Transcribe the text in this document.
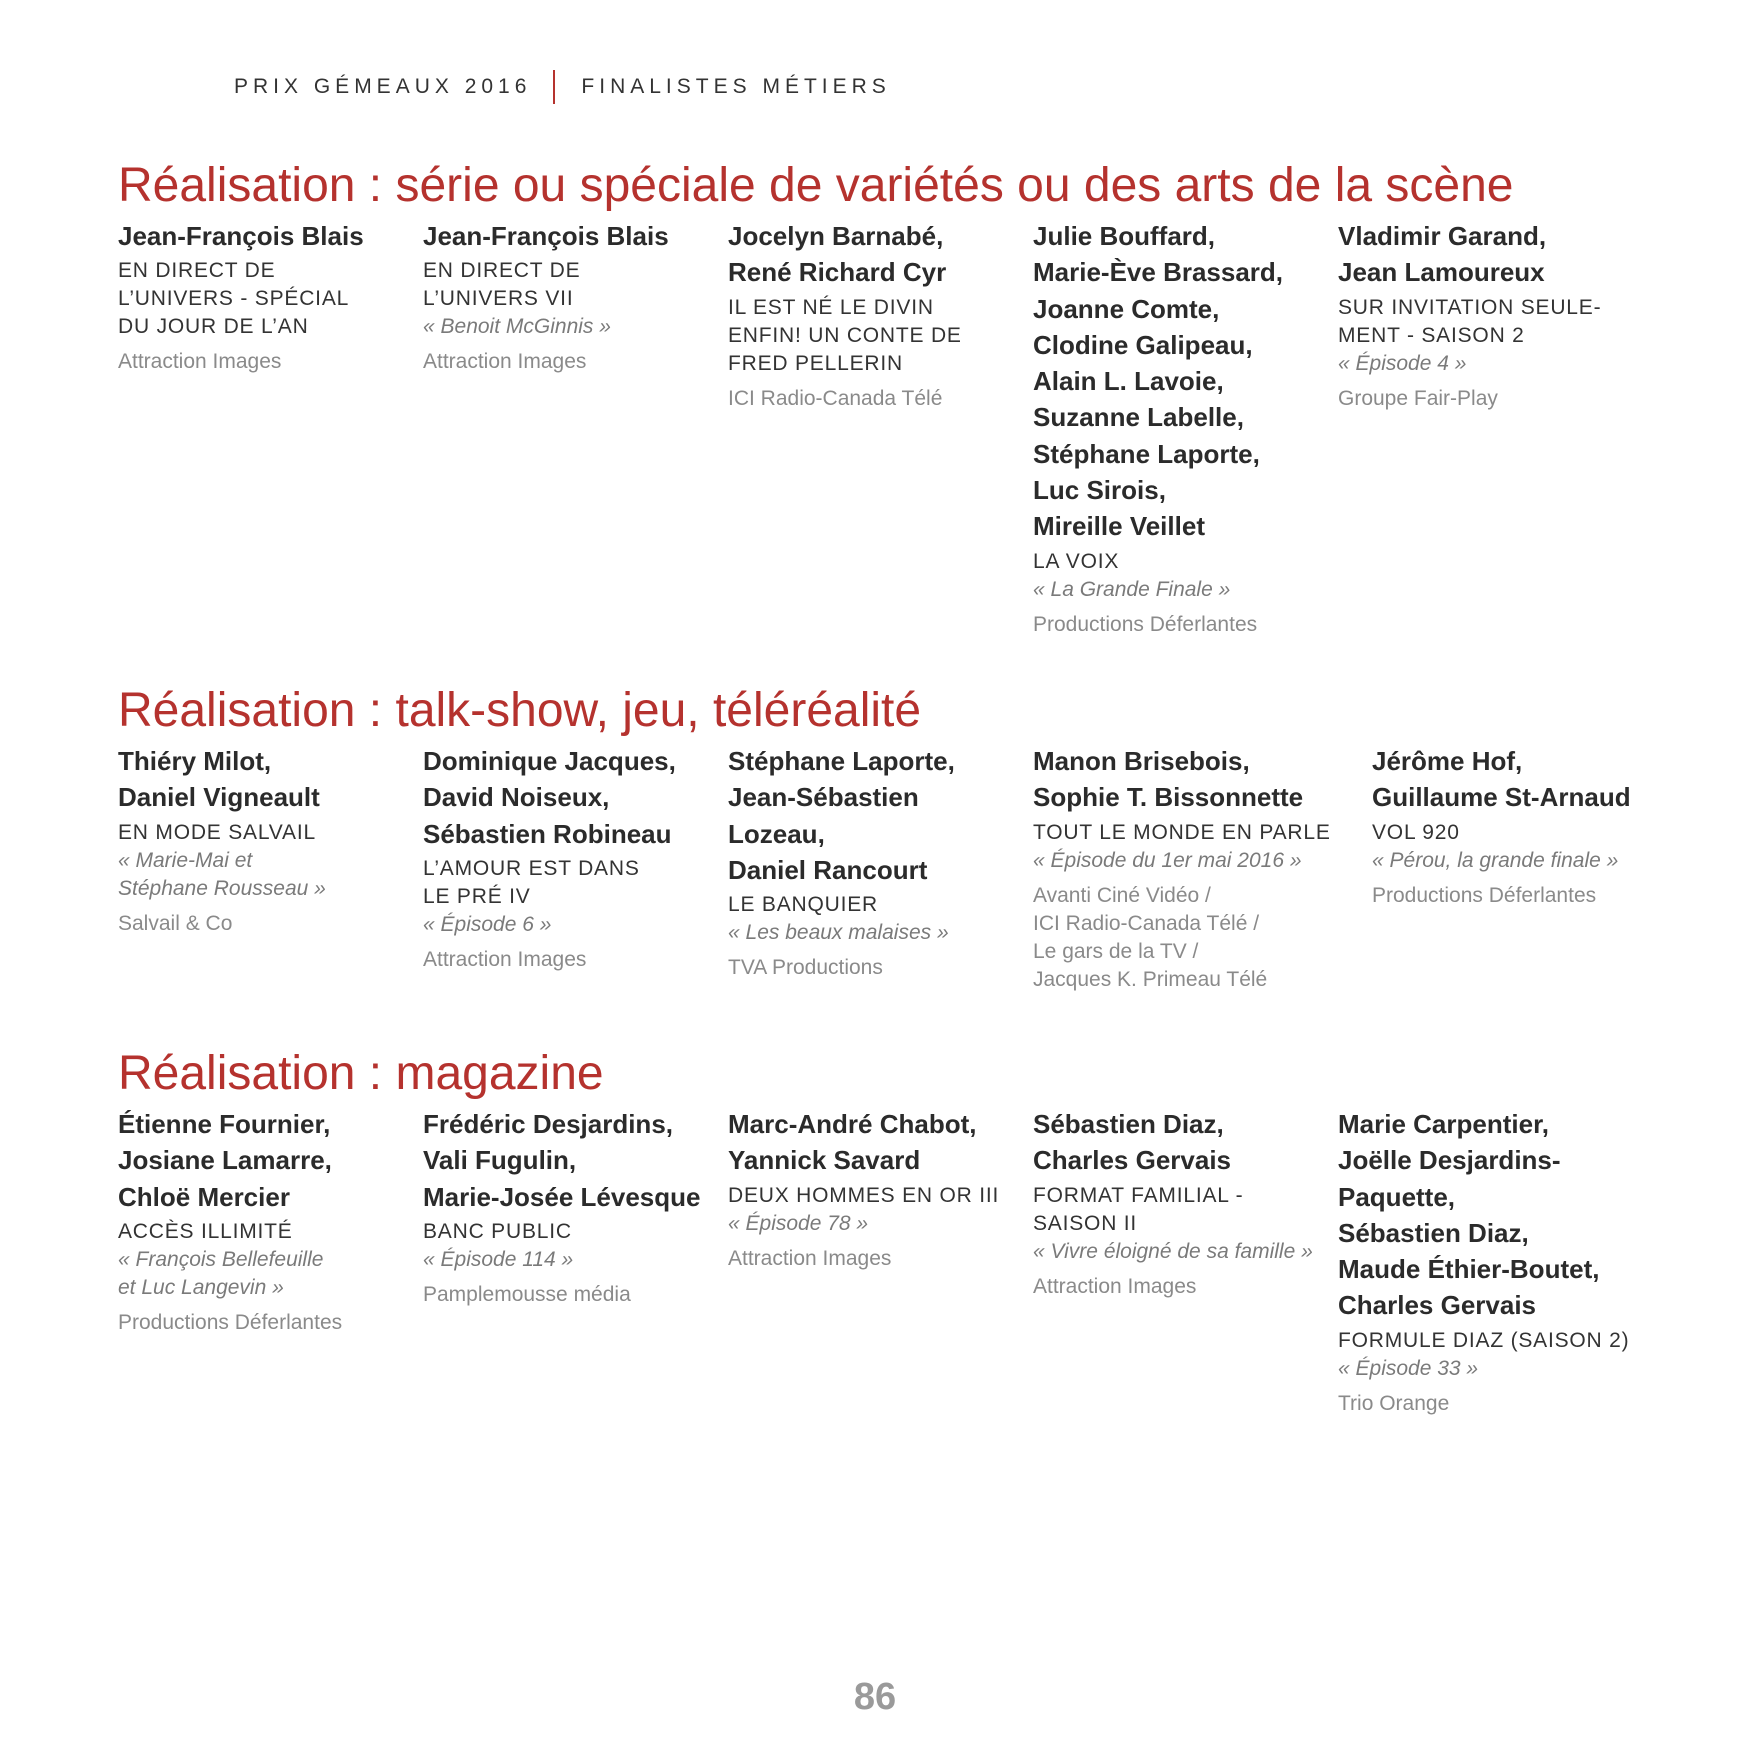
PRIX GÉMEAUX 2016 FINALISTES MÉTIERS
Réalisation : série ou spéciale de variétés ou des arts de la scène
Jean-François Blais
EN DIRECT DE
L’UNIVERS - SPÉCIAL
DU JOUR DE L’AN
Attraction Images
Jean-François Blais
EN DIRECT DE
L’UNIVERS VII
« Benoit McGinnis »
Attraction Images
Jocelyn Barnabé,
René Richard Cyr
IL EST NÉ LE DIVIN
ENFIN! UN CONTE DE
FRED PELLERIN
ICI Radio-Canada Télé
Julie Bouffard,
Marie-Ève Brassard,
Joanne Comte,
Clodine Galipeau,
Alain L. Lavoie,
Suzanne Labelle,
Stéphane Laporte,
Luc Sirois,
Mireille Veillet
LA VOIX
« La Grande Finale »
Productions Déferlantes
Vladimir Garand,
Jean Lamoureux
SUR INVITATION SEULE-
MENT - SAISON 2
« Épisode 4 »
Groupe Fair-Play
Réalisation : talk-show, jeu, téléréalité
Thiéry Milot,
Daniel Vigneault
EN MODE SALVAIL
« Marie-Mai et
Stéphane Rousseau »
Salvail & Co
Dominique Jacques,
David Noiseux,
Sébastien Robineau
L’AMOUR EST DANS
LE PRÉ IV
« Épisode 6 »
Attraction Images
Stéphane Laporte,
Jean-Sébastien
Lozeau,
Daniel Rancourt
LE BANQUIER
« Les beaux malaises »
TVA Productions
Manon Brisebois,
Sophie T. Bissonnette
TOUT LE MONDE EN PARLE
« Épisode du 1er mai 2016 »
Avanti Ciné Vidéo /
ICI Radio-Canada Télé /
Le gars de la TV /
Jacques K. Primeau Télé
Jérôme Hof,
Guillaume St-Arnaud
VOL 920
« Pérou, la grande finale »
Productions Déferlantes
Réalisation : magazine
Étienne Fournier,
Josiane Lamarre,
Chloë Mercier
ACCÈS ILLIMITÉ
« François Bellefeuille
et Luc Langevin »
Productions Déferlantes
Frédéric Desjardins,
Vali Fugulin,
Marie-Josée Lévesque
BANC PUBLIC
« Épisode 114 »
Pamplemousse média
Marc-André Chabot,
Yannick Savard
DEUX HOMMES EN OR III
« Épisode 78 »
Attraction Images
Sébastien Diaz,
Charles Gervais
FORMAT FAMILIAL -
SAISON II
« Vivre éloigné de sa famille »
Attraction Images
Marie Carpentier,
Joëlle Desjardins-
Paquette,
Sébastien Diaz,
Maude Éthier-Boutet,
Charles Gervais
FORMULE DIAZ (SAISON 2)
« Épisode 33 »
Trio Orange
86
